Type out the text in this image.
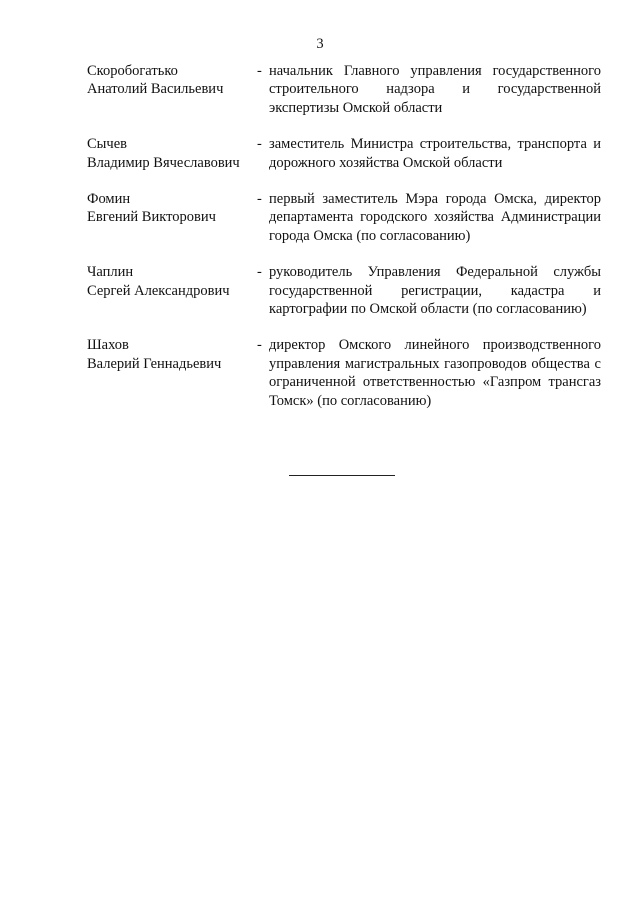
3
Скоробогатько
Анатолий Васильевич
- начальник Главного управления государственного строительного надзора и государственной экспертизы Омской области
Сычев
Владимир Вячеславович
- заместитель Министра строительства, транспорта и дорожного хозяйства Омской области
Фомин
Евгений Викторович
- первый заместитель Мэра города Омска, директор департамента городского хозяйства Администрации города Омска (по согласованию)
Чаплин
Сергей Александрович
- руководитель Управления Федеральной службы государственной регистрации, кадастра и картографии по Омской области (по согласованию)
Шахов
Валерий Геннадьевич
- директор Омского линейного производственного управления магистральных газопроводов общества с ограниченной ответственностью «Газпром трансгаз Томск» (по согласованию)
